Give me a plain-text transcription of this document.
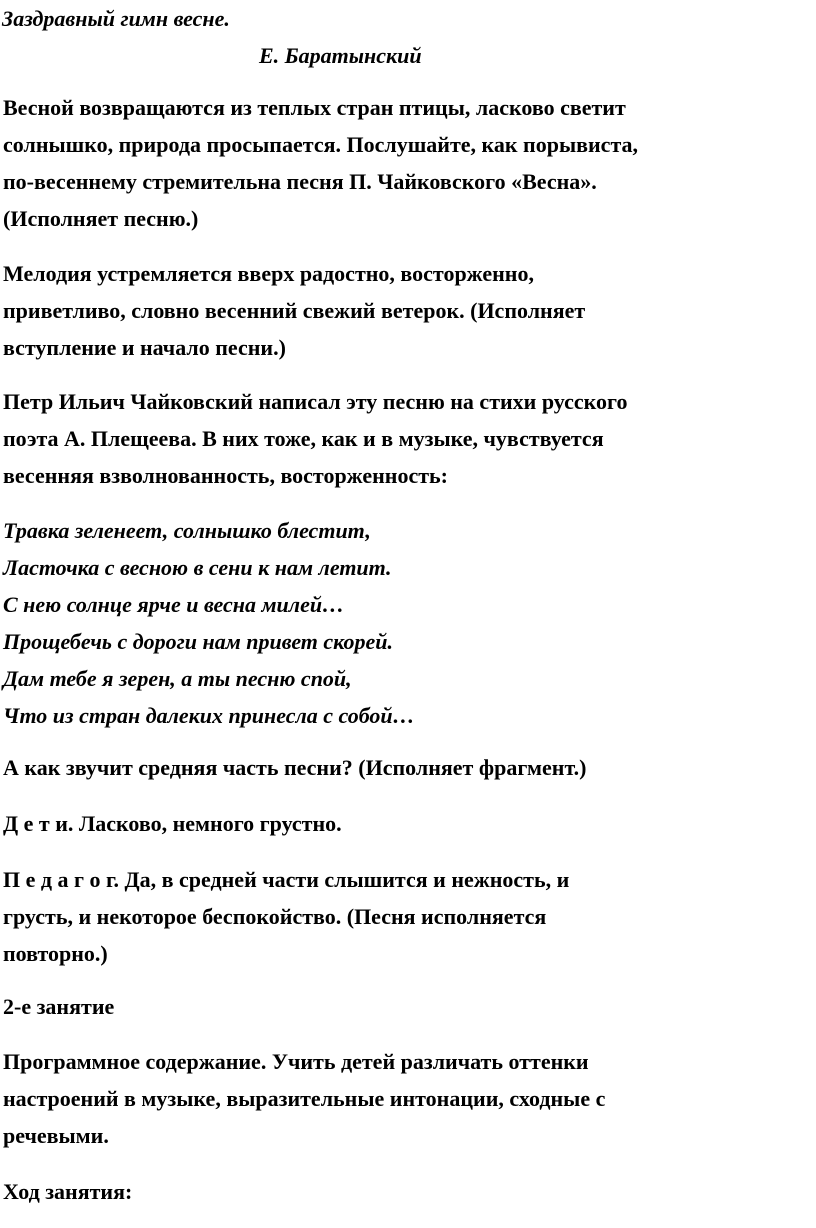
Заздравный гимн весне.
Е. Баратынский
Весной возвращаются из теплых стран птицы, ласково светит
солнышко, природа просыпается. Послушайте, как порывиста,
по-весеннему стремительна песня П. Чайковского «Весна».
(Исполняет песню.)
Мелодия устремляется вверх радостно, восторженно,
приветливо, словно весенний свежий ветерок. (Исполняет
вступление и начало песни.)
Петр Ильич Чайковский написал эту песню на стихи русского
поэта А. Плещеева. В них тоже, как и в музыке, чувствуется
весенняя взволнованность, восторженность:
Травка зеленеет, солнышко блестит,
Ласточка с весною в сени к нам летит.
С нею солнце ярче и весна милей…
Прощебечь с дороги нам привет скорей.
Дам тебе я зерен, а ты песню спой,
Что из стран далеких принесла с собой…
А как звучит средняя часть песни? (Исполняет фрагмент.)
Д е т и. Ласково, немного грустно.
П е д а г о г. Да, в средней части слышится и нежность, и
грусть, и некоторое беспокойство. (Песня исполняется
повторно.)
2-е занятие
Программное содержание. Учить детей различать оттенки
настроений в музыке, выразительные интонации, сходные с
речевыми.
Ход занятия:
